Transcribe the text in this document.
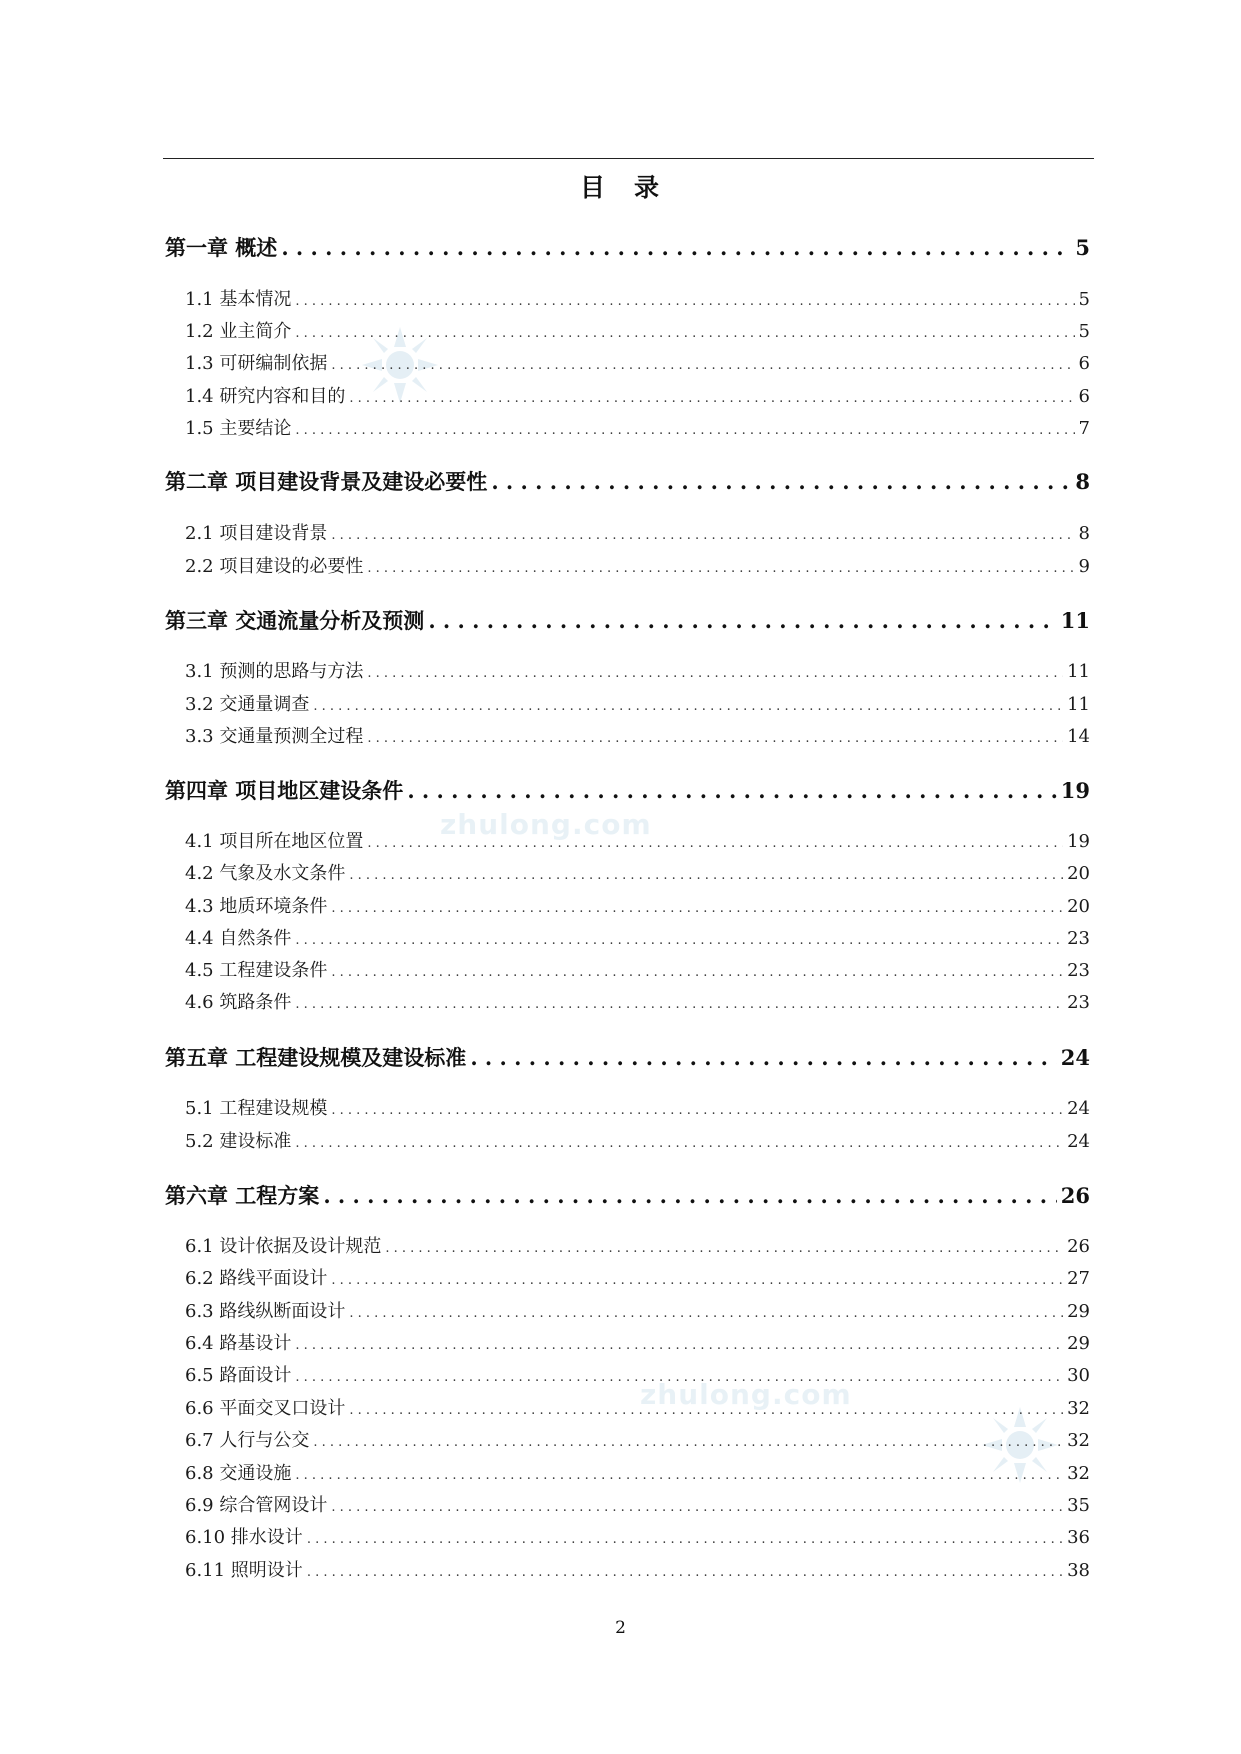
目　录
zhulong.com
zhulong.com
第一章 概述 . . .	5
1.1 基本情况 . . .	5
1.2 业主简介 . . .	5
1.3 可研编制依据 . . .	6
1.4 研究内容和目的 . . .	6
1.5 主要结论 . . .	7
第二章 项目建设背景及建设必要性 . . .	8
2.1 项目建设背景 . . .	8
2.2 项目建设的必要性 . . .	9
第三章 交通流量分析及预测 . . .	11
3.1 预测的思路与方法 . . .	11
3.2 交通量调查 . . .	11
3.3 交通量预测全过程 . . .	14
第四章 项目地区建设条件 . . .	19
4.1 项目所在地区位置 . . .	19
4.2 气象及水文条件 . . .	20
4.3 地质环境条件 . . .	20
4.4 自然条件 . . .	23
4.5 工程建设条件 . . .	23
4.6 筑路条件 . . .	23
第五章 工程建设规模及建设标准 . . .	24
5.1 工程建设规模 . . .	24
5.2 建设标准 . . .	24
第六章 工程方案 . . .	26
6.1 设计依据及设计规范 . . .	26
6.2 路线平面设计 . . .	27
6.3 路线纵断面设计 . . .	29
6.4 路基设计 . . .	29
6.5 路面设计 . . .	30
6.6 平面交叉口设计 . . .	32
6.7 人行与公交 . . .	32
6.8 交通设施 . . .	32
6.9 综合管网设计 . . .	35
6.10 排水设计 . . .	36
6.11 照明设计 . . .	38
2
